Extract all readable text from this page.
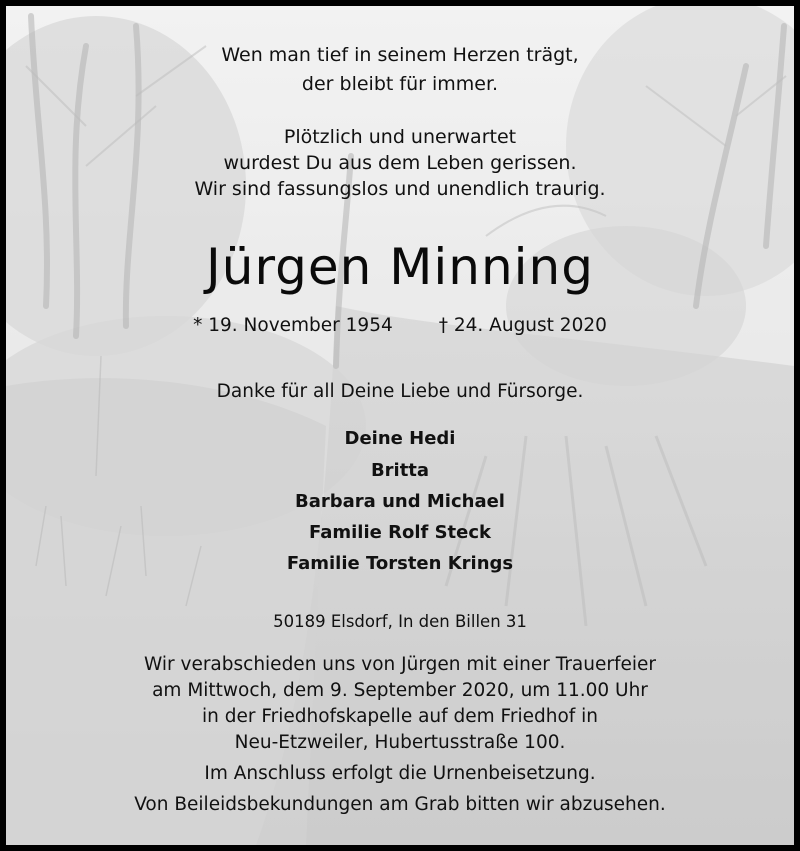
Wen man tief in seinem Herzen trägt,
der bleibt für immer.
Plötzlich und unerwartet
wurdest Du aus dem Leben gerissen.
Wir sind fassungslos und unendlich traurig.
Jürgen Minning
* 19. November 1954 † 24. August 2020
Danke für all Deine Liebe und Fürsorge.
Deine Hedi
Britta
Barbara und Michael
Familie Rolf Steck
Familie Torsten Krings
50189 Elsdorf, In den Billen 31
Wir verabschieden uns von Jürgen mit einer Trauerfeier
am Mittwoch, dem 9. September 2020, um 11.00 Uhr
in der Friedhofskapelle auf dem Friedhof in
Neu-Etzweiler, Hubertusstraße 100.
Im Anschluss erfolgt die Urnenbeisetzung.
Von Beileidsbekundungen am Grab bitten wir abzusehen.
